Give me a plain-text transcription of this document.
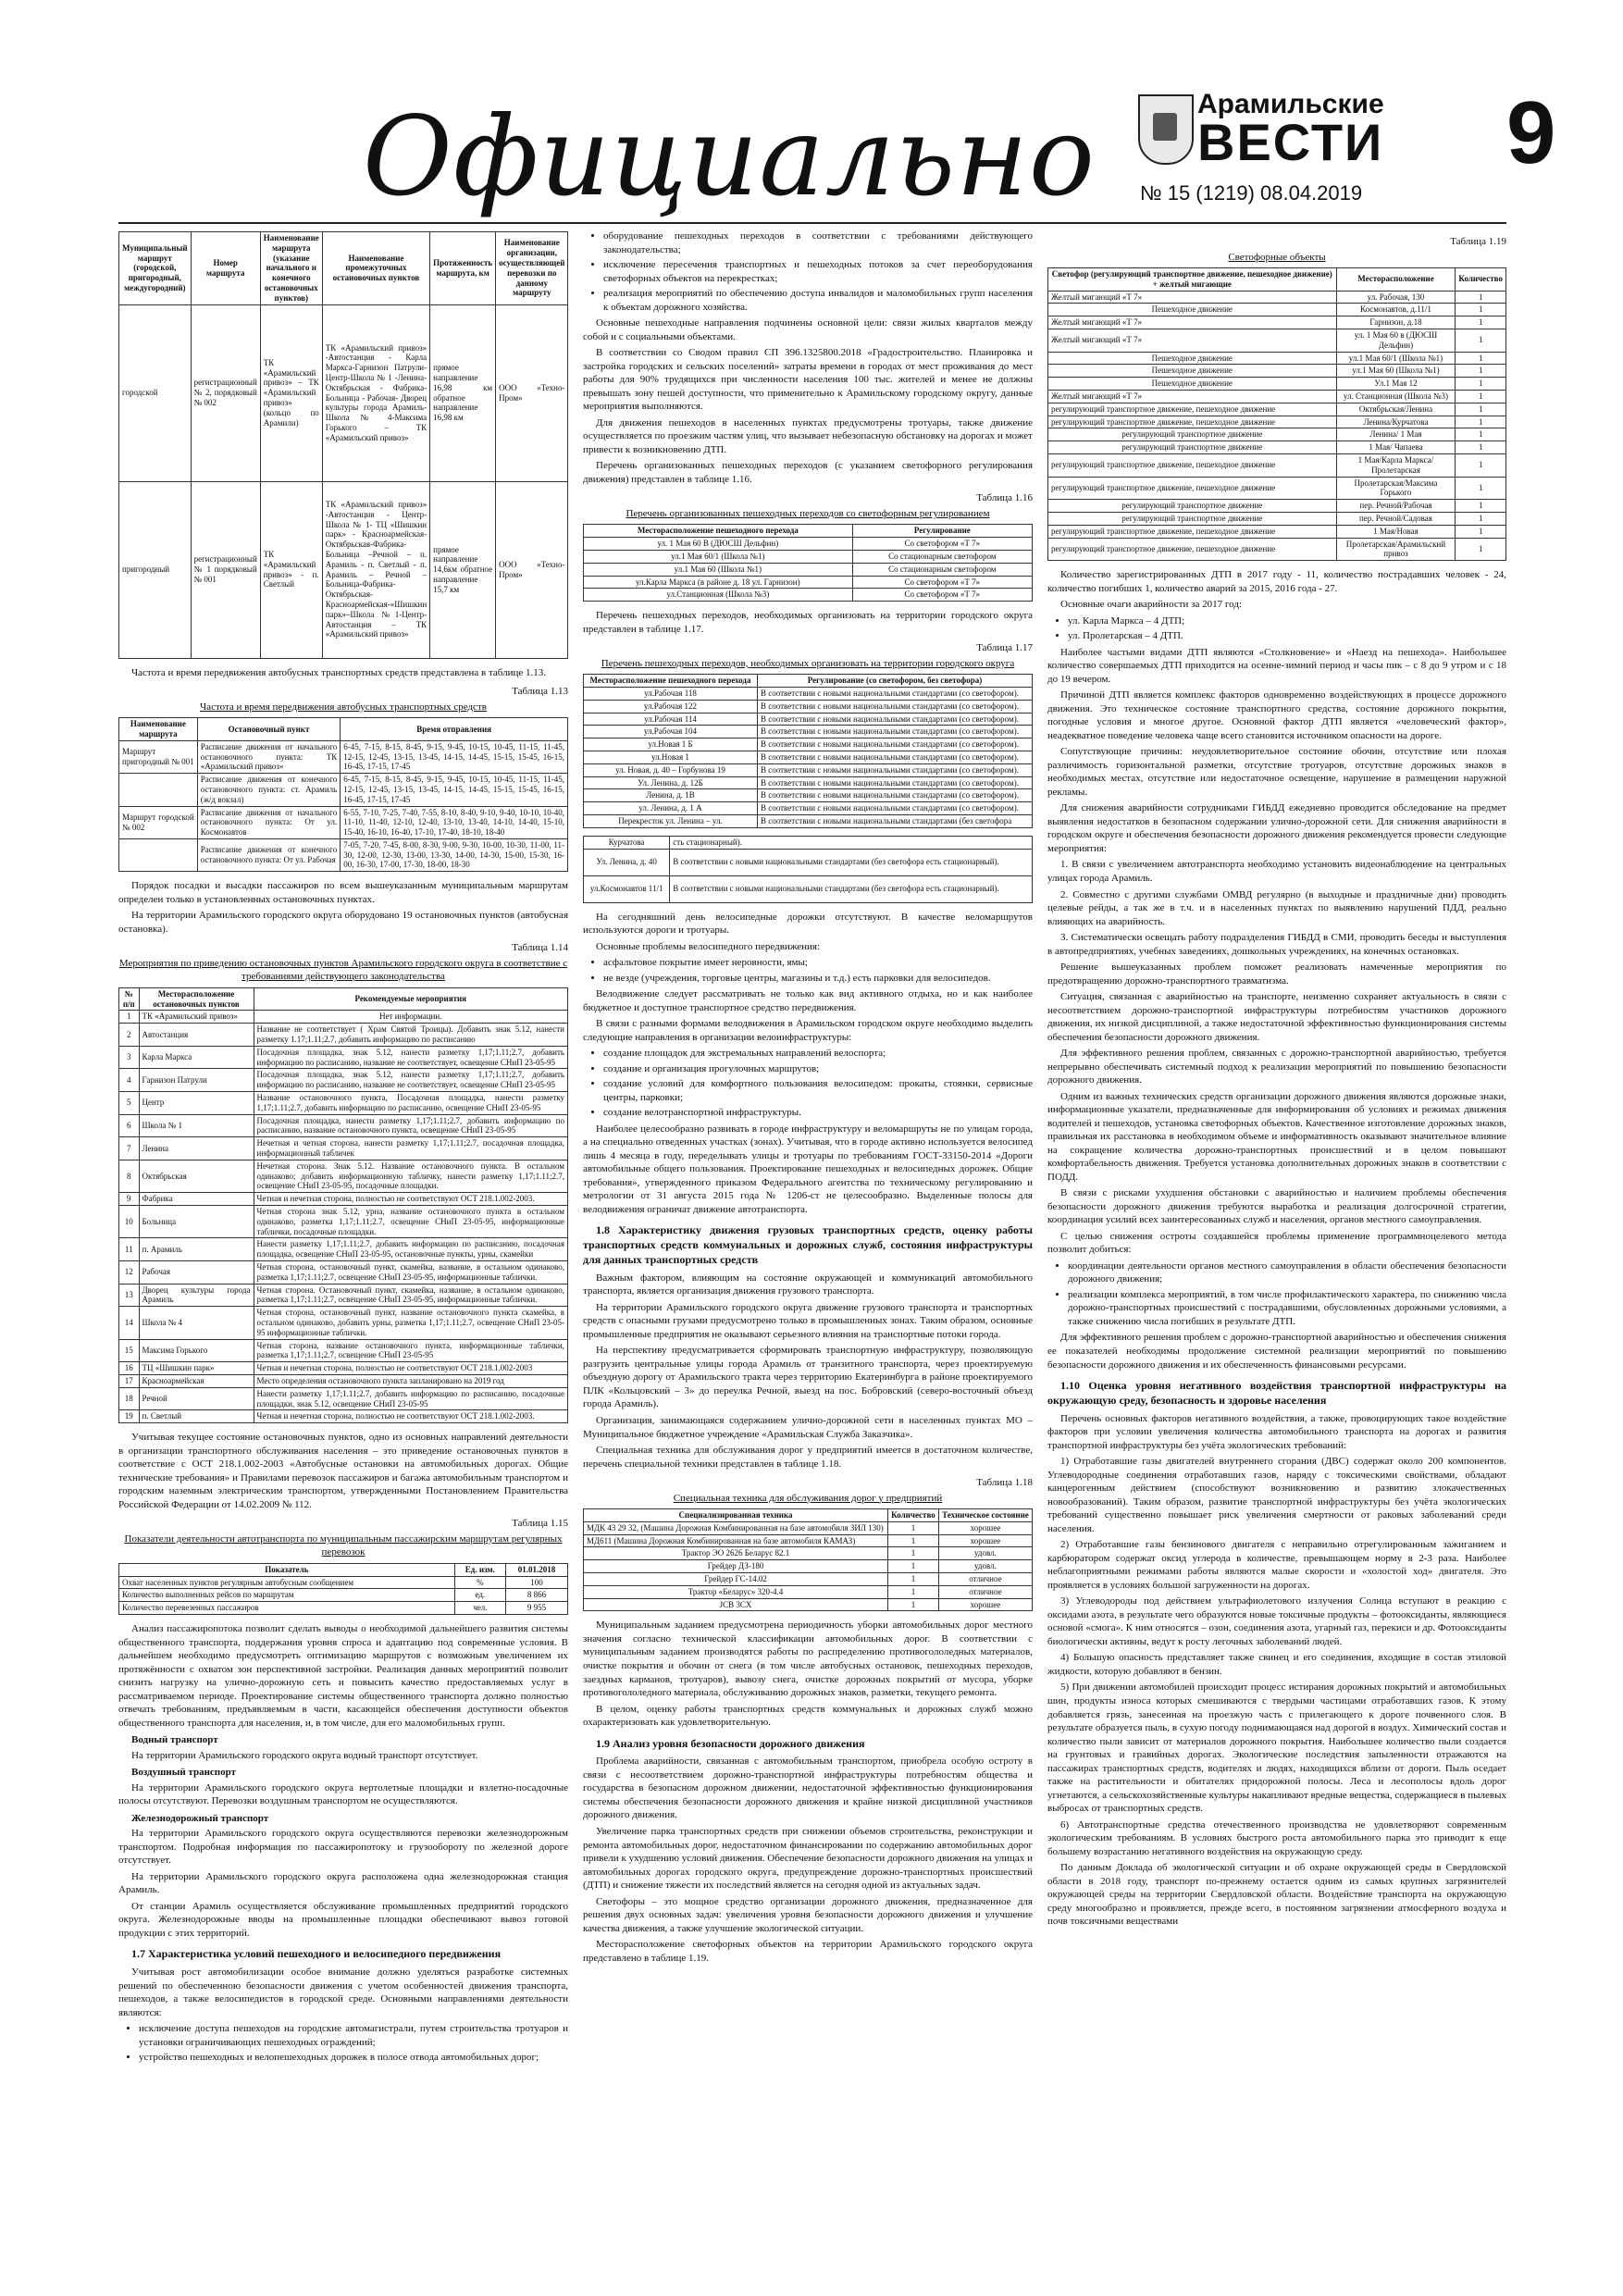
Официально	Арамильские
ВЕСТИ
№ 15 (1219) 08.04.2019
9
Муниципальный маршрут (городской, пригородный, междугородний)	Номер маршрута	Наименование маршрута (указание начального и конечного остановочных пунктов)	Наименование промежуточных остановочных пунктов	Протяженность маршрута, км	Наименование организации, осуществляющей перевозки по данному маршруту	
городской	регистрационный № 2, порядковый № 002	ТК «Арамильский привоз» – ТК «Арамильский привоз» (кольцо по Арамили)	ТК «Арамильский привоз» -Автостанция - Карла Маркса-Гарнизон Патрули-Центр-Школа № 1 -Ленина-Октябрьская - Фабрика- Больница - Рабочая- Дворец культуры города Арамиль-Школа № 4-Максима Горького – ТК «Арамильский привоз»	прямое направление 16,98 км обратное направление 16,98 км	ООО «Техно-Пром»	
пригородный	регистрационный № 1 порядковый № 001	ТК «Арамильский привоз» - п. Светлый	ТК «Арамильский привоз» -Автостанция - Центр- Школа № 1- ТЦ «Шишкин парк» - Красноармейская-Октябрьская-Фабрика-Больница –Речной – п. Арамиль - п. Светлый - п. Арамиль – Речной – Больница-Фабрика-Октябрьская-Красноармейская-«Шишкин парк»–Школа №1-Центр-Автостанция – ТК «Арамильский привоз»	прямое направление 14,6км обратное направление 15,7 км	ООО «Техно-Пром»	

Частота и время передвижения автобусных транспортных средств представлена в таблице 1.13.

Таблица 1.13
Частота и время передвижения автобусных транспортных средств
Наименование маршрута	Остановочный пункт	Время отправления
Маршрут пригородный № 001	Расписание движения от начального остановочного пункта: ТК «Арамильский привоз»	6-45, 7-15, 8-15, 8-45, 9-15, 9-45, 10-15, 10-45, 11-15, 11-45, 12-15, 12-45, 13-15, 13-45, 14-15, 14-45, 15-15, 15-45, 16-15, 16-45, 17-15, 17-45
	Расписание движения от конечного остановочного пункта: ст. Арамиль (ж/д вокзал)	6-45, 7-15, 8-15, 8-45, 9-15, 9-45, 10-15, 10-45, 11-15, 11-45, 12-15, 12-45, 13-15, 13-45, 14-15, 14-45, 15-15, 15-45, 16-15, 16-45, 17-15, 17-45
Маршрут городской № 002	Расписание движения от начального остановочного пункта: От ул. Космонавтов	6-55, 7-10, 7-25, 7-40, 7-55, 8-10, 8-40, 9-10, 9-40, 10-10, 10-40, 11-10, 11-40, 12-10, 12-40, 13-10, 13-40, 14-10, 14-40, 15-10, 15-40, 16-10, 16-40, 17-10, 17-40, 18-10, 18-40
	Расписание движения от конечного остановочного пункта: От ул. Рабочая	7-05, 7-20, 7-45, 8-00, 8-30, 9-00, 9-30, 10-00, 10-30, 11-00, 11-30, 12-00, 12-30, 13-00, 13-30, 14-00, 14-30, 15-00, 15-30, 16-00, 16-30, 17-00, 17-30, 18-00, 18-30

Порядок посадки и высадки пассажиров по всем вышеуказанным муниципальным маршрутам определен только в установленных остановочных пунктах.

На территории Арамильского городского округа оборудовано 19 остановочных пунктов (автобусная остановка).

Таблица 1.14
Мероприятия по приведению остановочных пунктов Арамильского городского округа в соответствие с требованиями действующего законодательства
№ п/п	Месторасположение остановочных пунктов	Рекомендуемые мероприятия
1	ТК «Арамильский привоз»	Нет информации.
2	Автостанция	Название не соответствует ( Храм Святой Троицы). Добавить знак 5.12, нанести разметку 1.17;1.11;2.7, добавить информацию по расписанию
3	Карла Маркса	Посадочная площадка, знак 5.12, нанести разметку 1,17;1.11;2.7, добавить информацию по расписанию, название не соответствует, освещение СНиП 23-05-95
4	Гарнизон Патрули	Посадочная площадка, знак 5.12, нанести разметку 1,17;1.11;2.7, добавить информацию по расписанию, название не соответствует, освещение СНиП 23-05-95
5	Центр	Название остановочного пункта, Посадочная площадка, нанести разметку 1,17;1.11;2.7, добавить информацию по расписанию, освещение СНиП 23-05-95
6	Школа № 1	Посадочная площадка, нанести разметку 1,17;1.11;2.7, добавить информацию по расписанию, название остановочного пункта, освещение СНиП 23-05-95
7	Ленина	Нечетная и четная сторона, нанести разметку 1,17;1.11;2.7, посадочная площадка, информационный табличек
8	Октябрьская	Нечетная сторона. Знак 5.12. Название остановочного пункта. В остальном одинаково; добавить информационную табличку, нанести разметку 1,17;1.11;2.7, освещение СНиП 23-05-95, посадочные площадки.
9	Фабрика	Четная и нечетная сторона, полностью не соответствуют ОСТ 218.1.002-2003.
10	Больница	Четная сторона знак 5.12, урна, название остановочного пункта в остальном одинаково, разметка 1,17;1.11;2.7, освещение СНиП 23-05-95, информационные таблички, посадочные площадки.
11	п. Арамиль	Нанести разметку 1,17;1.11;2.7, добавить информацию по расписанию, посадочная площадка, освещение СНиП 23-05-95, остановочные пункты, урны, скамейки
12	Рабочая	Четная сторона, остановочный пункт, скамейка, название, в остальном одинаково, разметка 1,17;1.11;2.7, освещение СНиП 23-05-95, информационные таблички.
13	Дворец культуры города Арамиль	Четная сторона. Остановочный пункт, скамейка, название, в остальном одинаково, разметка 1,17;1.11;2.7, освещение СНиП 23-05-95, информационные таблички.
14	Школа № 4	Четная сторона, остановочный пункт, название остановочного пункта скамейка, в остальном одинаково, добавить урны, разметка 1,17;1.11;2.7, освещение СНиП 23-05-95 информационные таблички.
15	Максима Горького	Четная сторона, название остановочного пункта, информационные таблички, разметка 1,17;1.11;2.7, освещение СНиП 23-05-95
16	ТЦ «Шишкин парк»	Четная и нечетная сторона, полностью не соответствуют ОСТ 218.1.002-2003
17	Красноармейская	Место определения остановочного пункта запланировано на 2019 год
18	Речной	Нанести разметку 1,17;1.11;2.7, добавить информацию по расписанию, посадочные площадки, знак 5.12, освещение СНиП 23-05-95
19	п. Светлый	Четная и нечетная сторона, полностью не соответствуют ОСТ 218.1.002-2003.

Учитывая текущее состояние остановочных пунктов, одно из основных направлений деятельности в организации транспортного обслуживания населения – это приведение остановочных пунктов в соответствие с ОСТ 218.1.002-2003 «Автобусные остановки на автомобильных дорогах. Общие технические требования» и Правилами перевозок пассажиров и багажа автомобильным транспортом и городским наземным электрическим транспортом, утвержденными Постановлением Правительства Российской Федерации от 14.02.2009 № 112.

Таблица 1.15
Показатели деятельности автотранспорта по муниципальным пассажирским маршрутам регулярных перевозок
Показатель	Ед. изм.	01.01.2018
Охват населенных пунктов регулярным автобусным сообщением	%	100
Количество выполненных рейсов по маршрутам	ед.	8 866
Количество перевезенных пассажиров	чел.	9 955

Анализ пассажиропотока позволит сделать выводы о необходимой дальнейшего развития системы общественного транспорта, поддержания уровня спроса и адаптацию под современные условия. В дальнейшем необходимо предусмотреть оптимизацию маршрутов с возможным увеличением их протяжённости с охватом зон перспективной застройки. Реализация данных мероприятий позволит снизить нагрузку на улично-дорожную сеть и повысить качество предоставляемых услуг в рассматриваемом периоде. Проектирование системы общественного транспорта должно полностью отвечать требованиям, предъявляемым в части, касающейся обеспечения доступности объектов общественного транспорта для населения, и, в том числе, для его маломобильных групп.

Водный транспорт

На территории Арамильского городского округа водный транспорт отсутствует.

Воздушный транспорт

На территории Арамильского городского округа вертолетные площадки и взлетно-посадочные полосы отсутствуют. Перевозки воздушным транспортом не осуществляются.

Железнодорожный транспорт

На территории Арамильского городского округа осуществляются перевозки железнодорожным транспортом. Подробная информация по пассажиропотоку и грузообороту по железной дороге отсутствует.

На территории Арамильского городского округа расположена одна железнодорожная станция Арамиль.

От станции Арамиль осуществляется обслуживание промышленных предприятий городского округа. Железнодорожные вводы на промышленные площадки обеспечивают вывоз готовой продукции с этих территорий.

1.7 Характеристика условий пешеходного и велосипедного передвижения

Учитывая рост автомобилизации особое внимание должно уделяться разработке системных решений по обеспеченною безопасности движения с учетом особенностей движения транспорта, пешеходов, а также велосипедистов в городской среде. Основными направлениями деятельности являются:

• исключение доступа пешеходов на городские автомагистрали, путем строительства тротуаров и установки ограничивающих пешеходных ограждений;
• устройство пешеходных и велопешеходных дорожек в полосе отвода автомобильных дорог;
• оборудование пешеходных переходов в соответствии с требованиями действующего законодательства;
• исключение пересечения транспортных и пешеходных потоков за счет переоборудования светофорных объектов на перекрестках;
• реализация мероприятий по обеспечению доступа инвалидов и маломобильных групп населения к объектам дорожного хозяйства.

Основные пешеходные направления подчинены основной цели: связи жилых кварталов между собой и с социальными объектами.

В соответствии со Сводом правил СП 396.1325800.2018 «Градостроительство. Планировка и застройка городских и сельских поселений» затраты времени в городах от мест проживания до мест работы для 90% трудящихся при численности населения 100 тыс. жителей и менее не должны превышать зону пешей доступности, что применительно к Арамильскому городскому округу, данные мероприятия выполняются.

Для движения пешеходов в населенных пунктах предусмотрены тротуары, также движение осуществляется по проезжим частям улиц, что вызывает небезопасную обстановку на дорогах и может привести к возникновению ДТП.

Перечень организованных пешеходных переходов (с указанием светофорного регулирования движения) представлен в таблице 1.16.

Таблица 1.16
Перечень организованных пешеходных переходов со светофорным регулированием
Месторасположение пешеходного перехода	Регулирование
ул. 1 Мая 60 В (ДЮСШ Дельфин)	Со светофором «Т 7»
ул.1 Мая 60/1 (Школа №1)	Со стационарным светофором
ул.1 Мая 60 (Школа №1)	Со стационарным светофором
ул.Карла Маркса (в районе д. 18 ул. Гарнизон)	Со светофором «Т 7»
ул.Станционная (Школа №3)	Со светофором «Т 7»

Перечень пешеходных переходов, необходимых организовать на территории городского округа представлен в таблице 1.17.

Таблица 1.17
Перечень пешеходных переходов, необходимых организовать на территории городского округа
Месторасположение пешеходного перехода	Регулирование (со светофором, без светофора)
ул.Рабочая 118	В соответствии с новыми национальными стандартами (со светофором).
ул.Рабочая 122	В соответствии с новыми национальными стандартами (со светофором).
ул.Рабочая 114	В соответствии с новыми национальными стандартами (со светофором).
ул.Рабочая 104	В соответствии с новыми национальными стандартами (со светофором).
ул.Новая 1 Б	В соответствии с новыми национальными стандартами (со светофором).
ул.Новая 1	В соответствии с новыми национальными стандартами (со светофором).
ул. Новая, д. 40 – Горбунова 19	В соответствии с новыми национальными стандартами (со светофором).
Ул. Ленина, д. 12Б	В соответствии с новыми национальными стандартами (со светофором).
Ленина, д. 1В	В соответствии с новыми национальными стандартами (со светофором).
ул. Ленина, д. 1 А	В соответствии с новыми национальными стандартами (со светофором).
Перекресток ул. Ленина – ул.	В соответствии с новыми национальными стандартами (без светофора
Курчатова	сть стационарный).
Ул. Ленина, д. 40	В соответствии с новыми национальными стандартами (без светофора есть стационарный).
ул.Космонавтов 11/1	В соответствии с новыми национальными стандартами (без светофора есть стационарный).

На сегодняшний день велосипедные дорожки отсутствуют. В качестве веломаршрутов используются дороги и тротуары.

Основные проблемы велосипедного передвижения:

• асфальтовое покрытие имеет неровности, ямы;
• не везде (учреждения, торговые центры, магазины и т.д.) есть парковки для велосипедов.

Велодвижение следует рассматривать не только как вид активного отдыха, но и как наиболее бюджетное и доступное транспортное средство передвижения.

В связи с разными формами велодвижения в Арамильском городском округе необходимо выделить следующие направления в организации велоинфраструктуры:

• создание площадок для экстремальных направлений велоспорта;
• создание и организация прогулочных маршрутов;
• создание условий для комфортного пользования велосипедом: прокаты, стоянки, сервисные центры, парковки;
• создание велотранспортной инфраструктуры.

Наиболее целесообразно развивать в городе инфраструктуру и веломаршруты не по улицам города, а на специально отведенных участках (зонах). Учитывая, что в городе активно используется велосипед лишь 4 месяца в году, переделывать улицы и тротуары по требованиям ГОСТ-33150-2014 «Дороги автомобильные общего пользования. Проектирование пешеходных и велосипедных дорожек. Общие требования», утвержденного приказом Федерального агентства по техническому регулированию и метрологии от 31 августа 2015 года № 1206-ст не целесообразно. Выделенные полосы для велодвижения ограничат движение автотранспорта.

1.8 Характеристику движения грузовых транспортных средств, оценку работы транспортных средств коммунальных и дорожных служб, состояния инфраструктуры для данных транспортных средств

Важным фактором, влияющим на состояние окружающей и коммуникаций автомобильного транспорта, является организация движения грузового транспорта.

На территории Арамильского городского округа движение грузового транспорта и транспортных средств с опасными грузами предусмотрено только в промышленных зонах. Таким образом, основные промышленные предприятия не оказывают серьезного влияния на транспортные потоки города.

На перспективу предусматривается сформировать транспортную инфраструктуру, позволяющую разгрузить центральные улицы города Арамиль от транзитного транспорта, через проектируемую объездную дорогу от Арамильского тракта через территорию Екатеринбурга в районе проектируемого ПЛК «Кольцовский – 3» до переулка Речной, выезд на пос. Бобровский (северо-восточный объезд города Арамиль).

Организация, занимающаяся содержанием улично-дорожной сети в населенных пунктах МО – Муниципальное бюджетное учреждение «Арамильская Служба Заказчика».

Специальная техника для обслуживания дорог у предприятий имеется в достаточном количестве, перечень специальной техники представлен в таблице 1.18.

Таблица 1.18
Специальная техника для обслуживания дорог у предприятий
Специализированная техника	Количество	Техническое состояние
МДК 43 29 32, (Машина Дорожная Комбинированная на базе автомобиля ЗИЛ 130)	1	хорошее
МД611 (Машина Дорожная Комбинированная на базе автомобиля КАМАЗ)	1	хорошее
Трактор ЭО 2626 Беларус 82.1	1	удовл.
Грейдер ДЗ-180	1	удовл.
Грейдер ГС-14.02	1	отличное
Трактор «Беларус» 320-4.4	1	отличное
JCB 3CX	1	хорошее

Муниципальным заданием предусмотрена периодичность уборки автомобильных дорог местного значения согласно технической классификации автомобильных дорог. В соответствии с муниципальным заданием производятся работы по распределению противогололедных материалов, очистке покрытия и обочин от снега (в том числе автобусных остановок, пешеходных переходов, заездных карманов, тротуаров), вывозу снега, очистке дорожных покрытий от мусора, уборке противогололедного материала, обслуживанию дорожных знаков, разметки, текущего ремонта.

В целом, оценку работы транспортных средств коммунальных и дорожных служб можно охарактеризовать как удовлетворительную.

1.9 Анализ уровня безопасности дорожного движения

Проблема аварийности, связанная с автомобильным транспортом, приобрела особую остроту в связи с несоответствием дорожно-транспортной инфраструктуры потребностям общества и государства в безопасном дорожном движении, недостаточной эффективностью функционирования системы обеспечения безопасности дорожного движения и крайне низкой дисциплиной участников дорожного движения.

Увеличение парка транспортных средств при снижении объемов строительства, реконструкции и ремонта автомобильных дорог, недостаточном финансировании по содержанию автомобильных дорог привели к ухудшению условий движения. Обеспечение безопасности дорожного движения на улицах и автомобильных дорогах городского округа, предупреждение дорожно-транспортных происшествий (ДТП) и снижение тяжести их последствий является на сегодня одной из актуальных задач.

Светофоры – это мощное средство организации дорожного движения, предназначенное для решения двух основных задач: увеличения уровня безопасности дорожного движения и улучшение качества движения, а также улучшение экологической ситуации.

Месторасположение светофорных объектов на территории Арамильского городского округа представлено в таблице 1.19.

Таблица 1.19
Светофорные объекты
Светофор (регулирующий транспортное движение, пешеходное движение) + желтый мигающие	Месторасположение	Количество
Желтый мигающий «Т 7»	ул. Рабочая, 130	1
Пешеходное движение	Космонавтов, д.11/1	1
Желтый мигающий «Т 7»	Гарнизон, д.18	1
Желтый мигающий «Т 7»	ул. 1 Мая 60 в (ДЮСШ Дельфин)	1
Пешеходное движение	ул.1 Мая 60/1 (Школа №1)	1
Пешеходное движение	ул.1 Мая 60 (Школа №1)	1
Пешеходное движение	Ул.1 Мая 12	1
Желтый мигающий «Т 7»	ул. Станционная (Школа №3)	1
регулирующий транспортное движение, пешеходное движение	Октябрьская/Ленина	1
регулирующий транспортное движение, пешеходное движение	Ленина/Курчатова	1
регулирующий транспортное движение	Ленина/ 1 Мая	1
регулирующий транспортное движение	1 Мая/ Чапаева	1
регулирующий транспортное движение, пешеходное движение	1 Мая/Карла Маркса/Пролетарская	1
регулирующий транспортное движение, пешеходное движение	Пролетарская/Максима Горького	1
регулирующий транспортное движение	пер. Речной/Рабочая	1
регулирующий транспортное движение	пер. Речной/Садовая	1
регулирующий транспортное движение, пешеходное движение	1 Мая/Новая	1
регулирующий транспортное движение, пешеходное движение	Пролетарская/Арамильский привоз	1

Количество зарегистрированных ДТП в 2017 году - 11, количество пострадавших человек - 24, количество погибших 1, количество аварий за 2015, 2016 года - 27.

Основные очаги аварийности за 2017 год:

• ул. Карла Маркса – 4 ДТП;
• ул. Пролетарская – 4 ДТП.

Наиболее частыми видами ДТП являются «Столкновение» и «Наезд на пешехода». Наибольшее количество совершаемых ДТП приходится на осенне-зимний период и часы пик – с 8 до 9 утром и с 18 до 19 вечером.

Причиной ДТП является комплекс факторов одновременно воздействующих в процессе дорожного движения. Это техническое состояние транспортного средства, состояние дорожного покрытия, погодные условия и многое другое. Основной фактор ДТП является «человеческий фактор», неадекватное поведение человека чаще всего становится источником опасности на дороге.

Сопутствующие причины: неудовлетворительное состояние обочин, отсутствие или плохая различимость горизонтальной разметки, отсутствие тротуаров, отсутствие дорожных знаков в необходимых местах, отсутствие или недостаточное освещение, нарушение в размещении наружной рекламы.

Для снижения аварийности сотрудниками ГИБДД ежедневно проводится обследование на предмет выявления недостатков в безопасном содержании улично-дорожной сети. Для снижения аварийности в городском округе и обеспечения безопасности дорожного движения рекомендуется провести следующие мероприятия:

1. В связи с увеличением автотранспорта необходимо установить видеонаблюдение на центральных улицах города Арамиль.

2. Совместно с другими службами ОМВД регулярно (в выходные и праздничные дни) проводить целевые рейды, а так же в т.ч. и в населенных пунктах по выявлению нарушений ПДД, реально влияющих на аварийность.

3. Систематически освещать работу подразделения ГИБДД в СМИ, проводить беседы и выступления в автопредприятиях, учебных заведениях, дошкольных учреждениях, на конечных остановках.

Решение вышеуказанных проблем поможет реализовать намеченные мероприятия по предотвращению дорожно-транспортного травматизма.

Ситуация, связанная с аварийностью на транспорте, неизменно сохраняет актуальность в связи с несоответствием дорожно-транспортной инфраструктуры потребностям участников дорожного движения, их низкой дисциплиной, а также недостаточной эффективностью функционирования системы обеспечения безопасности дорожного движения.

Для эффективного решения проблем, связанных с дорожно-транспортной аварийностью, требуется непрерывно обеспечивать системный подход к реализации мероприятий по повышению безопасности дорожного движения.

Одним из важных технических средств организации дорожного движения являются дорожные знаки, информационные указатели, предназначенные для информирования об условиях и режимах движения водителей и пешеходов, установка светофорных объектов. Качественное изготовление дорожных знаков, правильная их расстановка в необходимом объеме и информативность оказывают значительное влияние на сокращение количества дорожно-транспортных происшествий и в целом повышают комфортабельность движения. Требуется установка дополнительных дорожных знаков в соответствии с ПОДД.

В связи с рисками ухудшения обстановки с аварийностью и наличием проблемы обеспечения безопасности дорожного движения требуются выработка и реализация долгосрочной стратегии, координация усилий всех заинтересованных служб и населения, органов местного самоуправления.

С целью снижения остроты создавшейся проблемы применение программноцелевого метода позволит добиться:

• координации деятельности органов местного самоуправления в области обеспечения безопасности дорожного движения;
• реализации комплекса мероприятий, в том числе профилактического характера, по снижению числа дорожно-транспортных происшествий с пострадавшими, обусловленных дорожными условиями, а также снижению числа погибших в результате ДТП.

Для эффективного решения проблем с дорожно-транспортной аварийностью и обеспечения снижения ее показателей необходимы продолжение системной реализации мероприятий по повышению безопасности дорожного движения и их обеспеченность финансовыми ресурсами.

1.10 Оценка уровня негативного воздействия транспортной инфраструктуры на окружающую среду, безопасность и здоровье населения

Перечень основных факторов негативного воздействия, а также, провоцирующих такое воздействие факторов при условии увеличения количества автомобильного транспорта на дорогах и развития транспортной инфраструктуры без учёта экологических требований:

1) Отработавшие газы двигателей внутреннего сгорания (ДВС) содержат около 200 компонентов. Углеводородные соединения отработавших газов, наряду с токсическими свойствами, обладают канцерогенным действием (способствуют возникновению и развитию злокачественных новообразований). Таким образом, развитие транспортной инфраструктуры без учёта экологических требований существенно повышает риск увеличения смертности от раковых заболеваний среди населения.

2) Отработавшие газы бензинового двигателя с неправильно отрегулированным зажиганием и карбюратором содержат оксид углерода в количестве, превышающем норму в 2-3 раза. Наиболее неблагоприятными режимами работы являются малые скорости и «холостой ход» двигателя. Это проявляется в условиях большой загруженности на дорогах.

3) Углеводороды под действием ультрафиолетового излучения Солнца вступают в реакцию с оксидами азота, в результате чего образуются новые токсичные продукты – фотооксиданты, являющиеся основой «смога». К ним относятся – озон, соединения азота, угарный газ, перекиси и др. Фотооксиданты биологически активны, ведут к росту легочных заболеваний людей.

4) Большую опасность представляет также свинец и его соединения, входящие в состав этиловой жидкости, которую добавляют в бензин.

5) При движении автомобилей происходит процесс истирания дорожных покрытий и автомобильных шин, продукты износа которых смешиваются с твердыми частицами отработавших газов. К этому добавляется грязь, занесенная на проезжую часть с прилегающего к дороге почвенного слоя. В результате образуется пыль, в сухую погоду поднимающаяся над дорогой в воздух. Химический состав и количество пыли зависит от материалов дорожного покрытия. Наибольшее количество пыли создается на грунтовых и гравийных дорогах. Экологические последствия запыленности отражаются на пассажирах транспортных средств, водителях и людях, находящихся вблизи от дороги. Пыль оседает также на растительности и обитателях придорожной полосы. Леса и лесополосы вдоль дорог угнетаются, а сельскохозяйственные культуры накапливают вредные вещества, содержащиеся в пылевых выбросах от транспортных средств.

6) Автотранспортные средства отечественного производства не удовлетворяют современным экологическим требованиям. В условиях быстрого роста автомобильного парка это приводит к еще большему возрастанию негативного воздействия на окружающую среду.

По данным Доклада об экологической ситуации и об охране окружающей среды в Свердловской области в 2018 году, транспорт по-прежнему остается одним из самых крупных загрязнителей окружающей среды на территории Свердловской области. Воздействие транспорта на окружающую среду многообразно и проявляется, прежде всего, в постоянном загрязнении атмосферного воздуха и почв токсичными веществами
